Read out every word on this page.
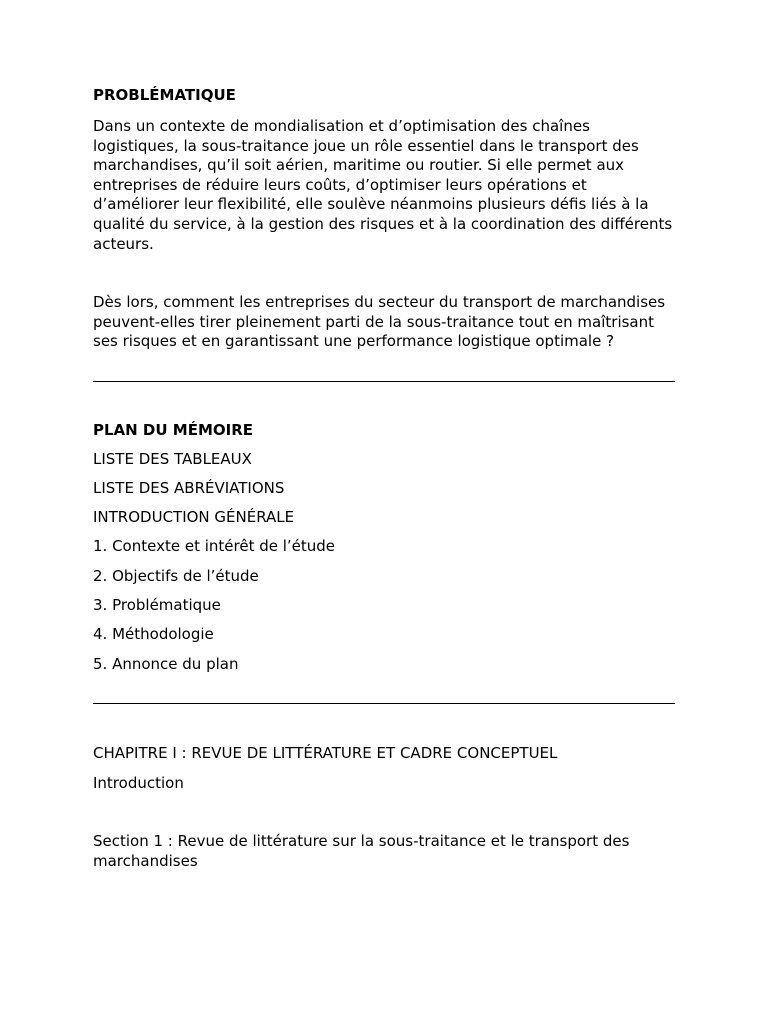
PROBLÉMATIQUE

Dans un contexte de mondialisation et d’optimisation des chaînes logistiques, la sous-traitance joue un rôle essentiel dans le transport des marchandises, qu’il soit aérien, maritime ou routier. Si elle permet aux entreprises de réduire leurs coûts, d’optimiser leurs opérations et d’améliorer leur flexibilité, elle soulève néanmoins plusieurs défis liés à la qualité du service, à la gestion des risques et à la coordination des différents acteurs.

Dès lors, comment les entreprises du secteur du transport de marchandises peuvent-elles tirer pleinement parti de la sous-traitance tout en maîtrisant ses risques et en garantissant une performance logistique optimale ?

PLAN DU MÉMOIRE

LISTE DES TABLEAUX

LISTE DES ABRÉVIATIONS

INTRODUCTION GÉNÉRALE

1. Contexte et intérêt de l’étude

2. Objectifs de l’étude

3. Problématique

4. Méthodologie

5. Annonce du plan

CHAPITRE I : REVUE DE LITTÉRATURE ET CADRE CONCEPTUEL

Introduction

Section 1 : Revue de littérature sur la sous-traitance et le transport des marchandises
